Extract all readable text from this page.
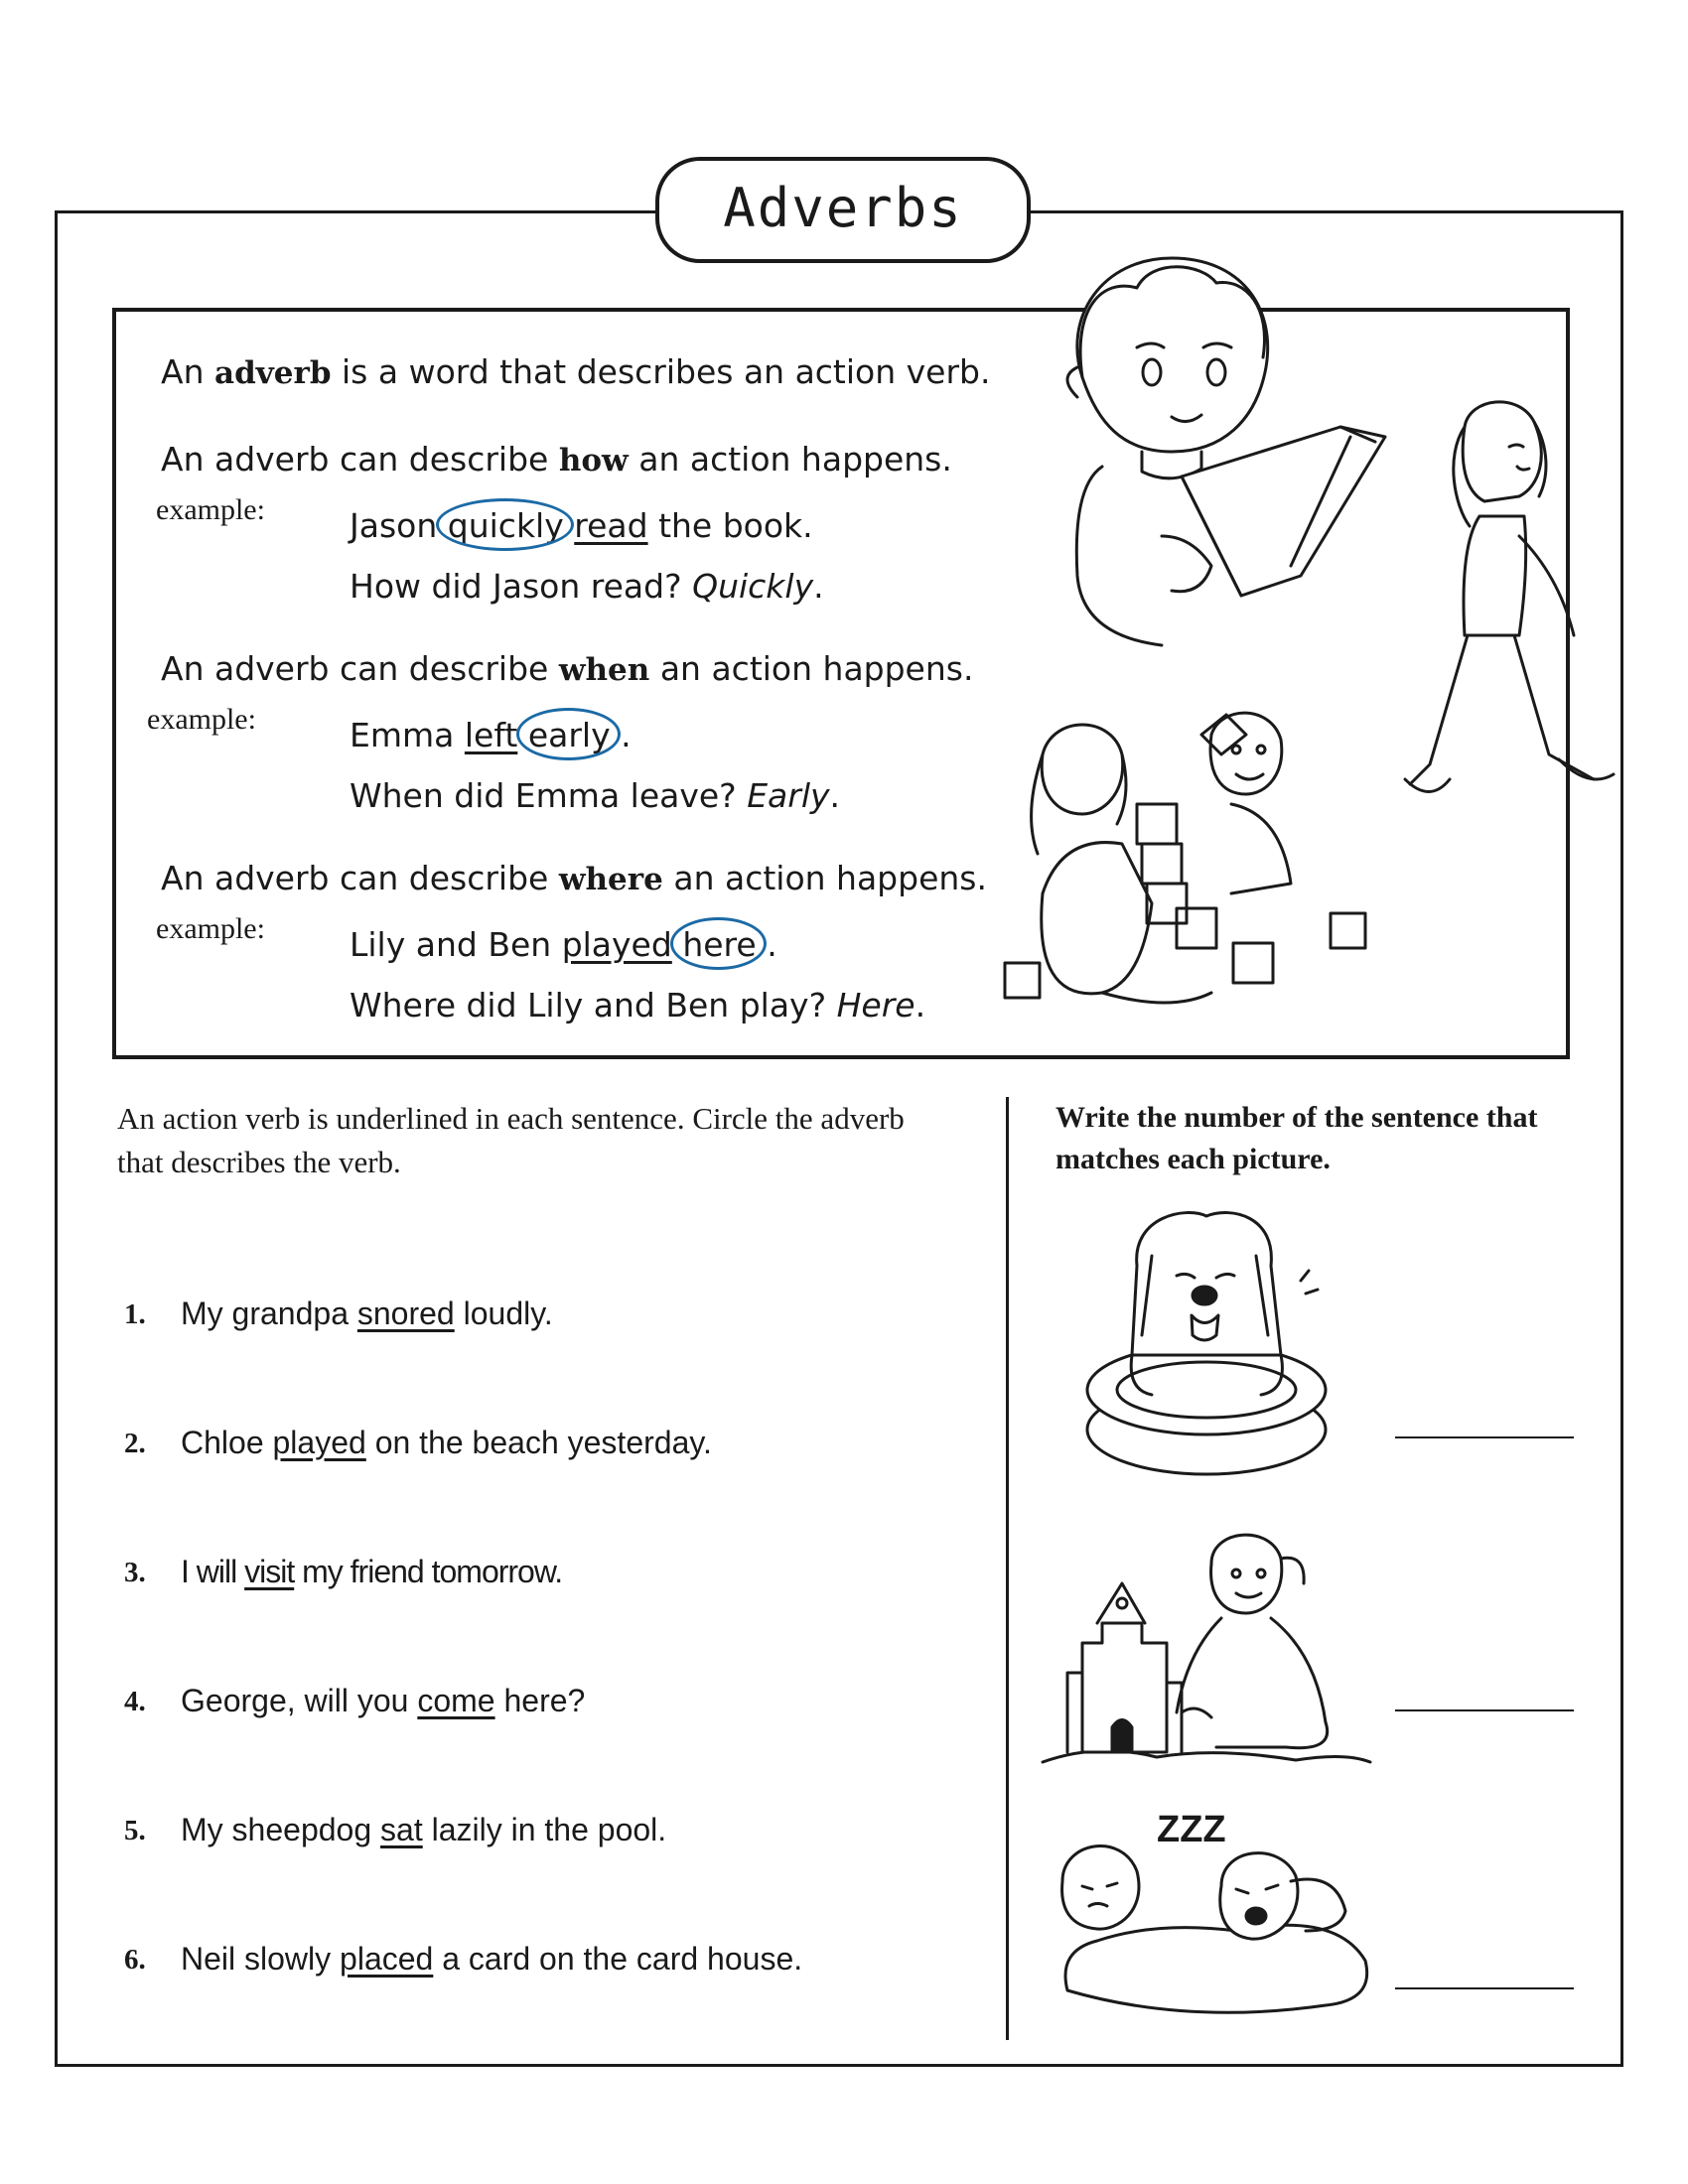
Adverbs
An adverb is a word that describes an action verb.
An adverb can describe how an action happens.
example:	Jason quickly read the book.
How did Jason read? Quickly.
An adverb can describe when an action happens.
example:	Emma left early .
When did Emma leave? Early.
An adverb can describe where an action happens.
example:	Lily and Ben played here .
Where did Lily and Ben play? Here.
An action verb is underlined in each sentence. Circle the adverb that describes the verb.
Write the number of the sentence that matches each picture.
1. My grandpa snored loudly.
2. Chloe played on the beach yesterday.
3. I will visit my friend tomorrow.
4. George, will you come here?
5. My sheepdog sat lazily in the pool.
6. Neil slowly placed a card on the card house.
ZZZ
